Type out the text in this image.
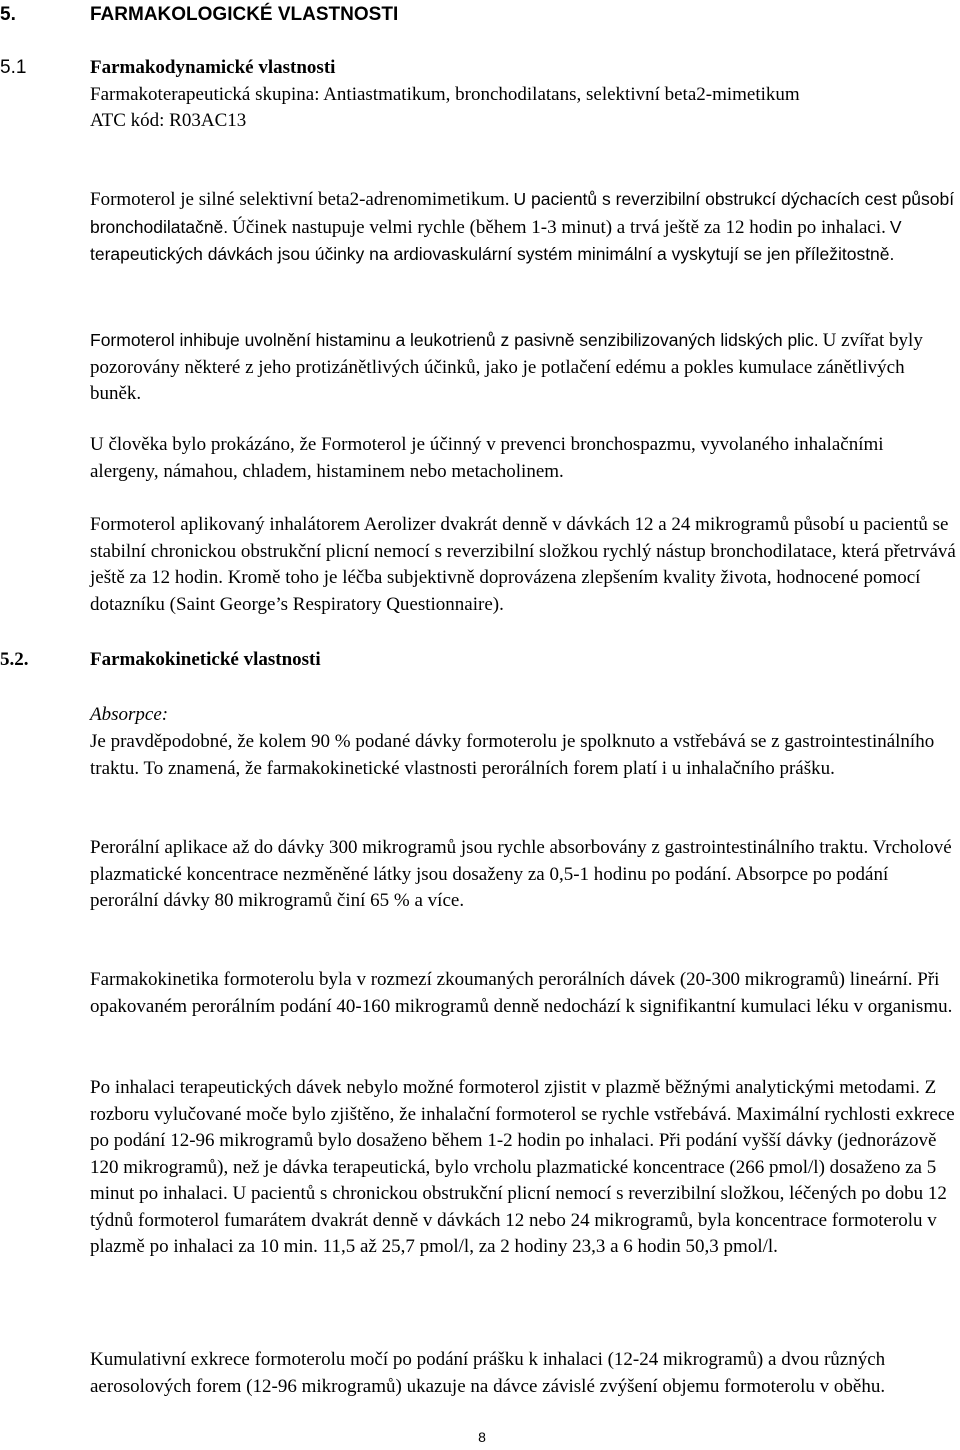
5.	FARMAKOLOGICKÉ VLASTNOSTI
5.1	Farmakodynamické vlastnosti
Farmakoterapeutická skupina: Antiastmatikum, bronchodilatans, selektivní beta2-mimetikum
ATC kód: R03AC13

Formoterol je silné selektivní beta2-adrenomimetikum. U pacientů s reverzibilní obstrukcí dýchacích cest působí bronchodilatačně. Účinek nastupuje velmi rychle (během 1-3 minut) a trvá ještě za 12 hodin po inhalaci. V terapeutických dávkách jsou účinky na ardiovaskulární systém minimální a vyskytují se jen příležitostně.

Formoterol inhibuje uvolnění histaminu a leukotrienů z pasivně senzibilizovaných lidských plic. U zvířat byly pozorovány některé z jeho protizánětlivých účinků, jako je potlačení edému a pokles kumulace zánětlivých buněk.

U člověka bylo prokázáno, že Formoterol je účinný v prevenci bronchospazmu, vyvolaného inhalačními alergeny, námahou, chladem, histaminem nebo metacholinem.

Formoterol aplikovaný inhalátorem Aerolizer dvakrát denně v dávkách 12 a 24 mikrogramů působí u pacientů se stabilní chronickou obstrukční plicní nemocí s reverzibilní složkou rychlý nástup bronchodilatace, která přetrvává ještě za 12 hodin. Kromě toho je léčba subjektivně doprovázena zlepšením kvality života, hodnocené pomocí dotazníku (Saint George’s Respiratory Questionnaire).

5.2.	Farmakokinetické vlastnosti
Absorpce:

Je pravděpodobné, že kolem 90 % podané dávky formoterolu je spolknuto a vstřebává se z gastrointestinálního traktu. To znamená, že farmakokinetické vlastnosti perorálních forem platí i u inhalačního prášku.

Perorální aplikace až do dávky 300 mikrogramů jsou rychle absorbovány z gastrointestinálního traktu. Vrcholové plazmatické koncentrace nezměněné látky jsou dosaženy za 0,5-1 hodinu po podání. Absorpce po podání perorální dávky 80 mikrogramů činí 65 % a více.

Farmakokinetika formoterolu byla v rozmezí zkoumaných perorálních dávek (20-300 mikrogramů) lineární. Při opakovaném perorálním podání 40-160 mikrogramů denně nedochází k signifikantní kumulaci léku v organismu.

Po inhalaci terapeutických dávek nebylo možné formoterol zjistit v plazmě běžnými analytickými metodami. Z rozboru vylučované moče bylo zjištěno, že inhalační formoterol se rychle vstřebává. Maximální rychlosti exkrece po podání 12-96 mikrogramů bylo dosaženo během 1-2 hodin po inhalaci. Při podání vyšší dávky (jednorázově 120 mikrogramů), než je dávka terapeutická, bylo vrcholu plazmatické koncentrace (266 pmol/l) dosaženo za 5 minut po inhalaci. U pacientů s chronickou obstrukční plicní nemocí s reverzibilní složkou, léčených po dobu 12 týdnů formoterol fumarátem dvakrát denně v dávkách 12 nebo 24 mikrogramů, byla koncentrace formoterolu v plazmě po inhalaci za 10 min. 11,5 až 25,7 pmol/l, za 2 hodiny 23,3 a 6 hodin 50,3 pmol/l.

Kumulativní exkrece formoterolu močí po podání prášku k inhalaci (12-24 mikrogramů) a dvou různých aerosolových forem (12-96 mikrogramů) ukazuje na dávce závislé zvýšení objemu formoterolu v oběhu.

8
